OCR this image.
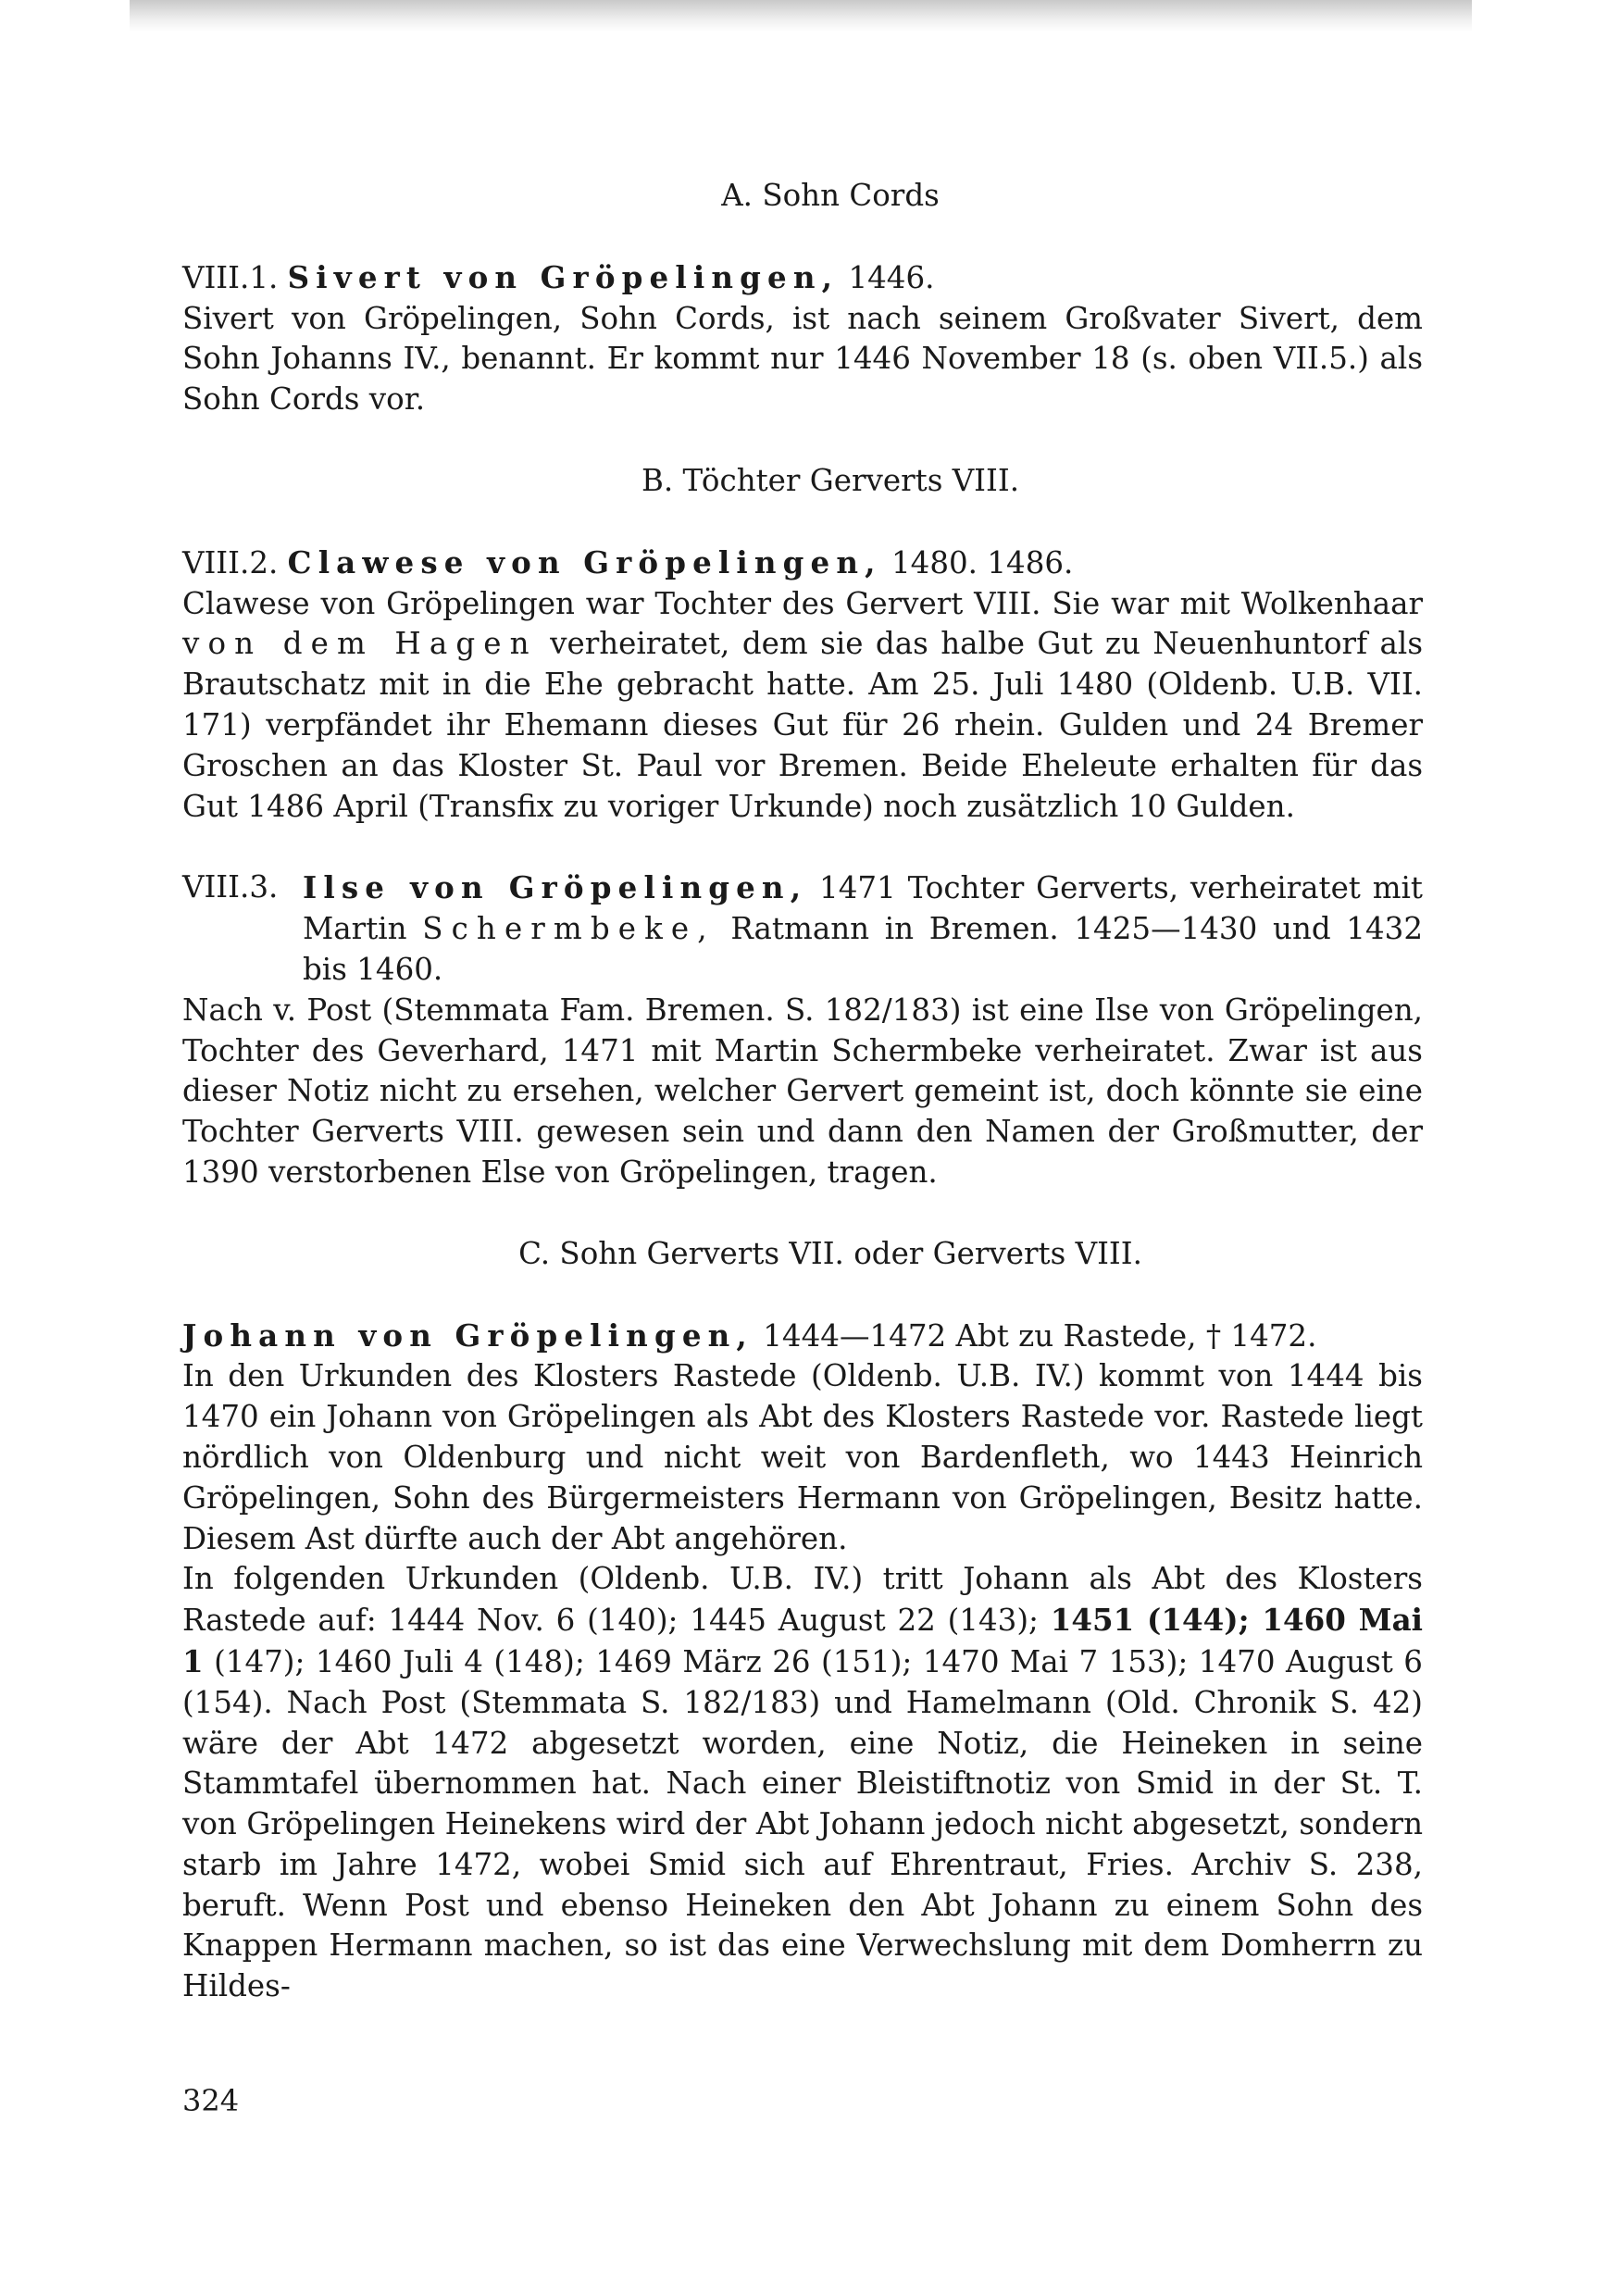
A. Sohn Cords

VIII.1. Sivert von Gröpelingen, 1446.

Sivert von Gröpelingen, Sohn Cords, ist nach seinem Großvater Sivert, dem Sohn Johanns IV., benannt. Er kommt nur 1446 November 18 (s. oben VII.5.) als Sohn Cords vor.

B. Töchter Gerverts VIII.

VIII.2. Clawese von Gröpelingen, 1480. 1486.

Clawese von Gröpelingen war Tochter des Gervert VIII. Sie war mit Wolkenhaar von dem Hagen verheiratet, dem sie das halbe Gut zu Neuenhuntorf als Brautschatz mit in die Ehe gebracht hatte. Am 25. Juli 1480 (Oldenb. U.B. VII. 171) verpfändet ihr Ehemann dieses Gut für 26 rhein. Gulden und 24 Bremer Groschen an das Kloster St. Paul vor Bremen. Beide Eheleute erhalten für das Gut 1486 April (Transfix zu voriger Urkunde) noch zusätzlich 10 Gulden.

VIII.3. Ilse von Gröpelingen, 1471 Tochter Gerverts, verheiratet mit Martin Schermbeke, Ratmann in Bremen. 1425—1430 und 1432 bis 1460.

Nach v. Post (Stemmata Fam. Bremen. S. 182/183) ist eine Ilse von Gröpelingen, Tochter des Geverhard, 1471 mit Martin Schermbeke verheiratet. Zwar ist aus dieser Notiz nicht zu ersehen, welcher Gervert gemeint ist, doch könnte sie eine Tochter Gerverts VIII. gewesen sein und dann den Namen der Großmutter, der 1390 verstorbenen Else von Gröpelingen, tragen.

C. Sohn Gerverts VII. oder Gerverts VIII.

Johann von Gröpelingen, 1444—1472 Abt zu Rastede, † 1472.

In den Urkunden des Klosters Rastede (Oldenb. U.B. IV.) kommt von 1444 bis 1470 ein Johann von Gröpelingen als Abt des Klosters Rastede vor. Rastede liegt nördlich von Oldenburg und nicht weit von Bardenfleth, wo 1443 Heinrich Gröpelingen, Sohn des Bürgermeisters Hermann von Gröpelingen, Besitz hatte. Diesem Ast dürfte auch der Abt angehören.

In folgenden Urkunden (Oldenb. U.B. IV.) tritt Johann als Abt des Klosters Rastede auf: 1444 Nov. 6 (140); 1445 August 22 (143); 1451 (144); 1460 Mai 1 (147); 1460 Juli 4 (148); 1469 März 26 (151); 1470 Mai 7 153); 1470 August 6 (154). Nach Post (Stemmata S. 182/183) und Hamelmann (Old. Chronik S. 42) wäre der Abt 1472 abgesetzt worden, eine Notiz, die Heineken in seine Stammtafel übernommen hat. Nach einer Bleistiftnotiz von Smid in der St. T. von Gröpelingen Heinekens wird der Abt Johann jedoch nicht abgesetzt, sondern starb im Jahre 1472, wobei Smid sich auf Ehrentraut, Fries. Archiv S. 238, beruft. Wenn Post und ebenso Heineken den Abt Johann zu einem Sohn des Knappen Hermann machen, so ist das eine Verwechslung mit dem Domherrn zu Hildes-

324
